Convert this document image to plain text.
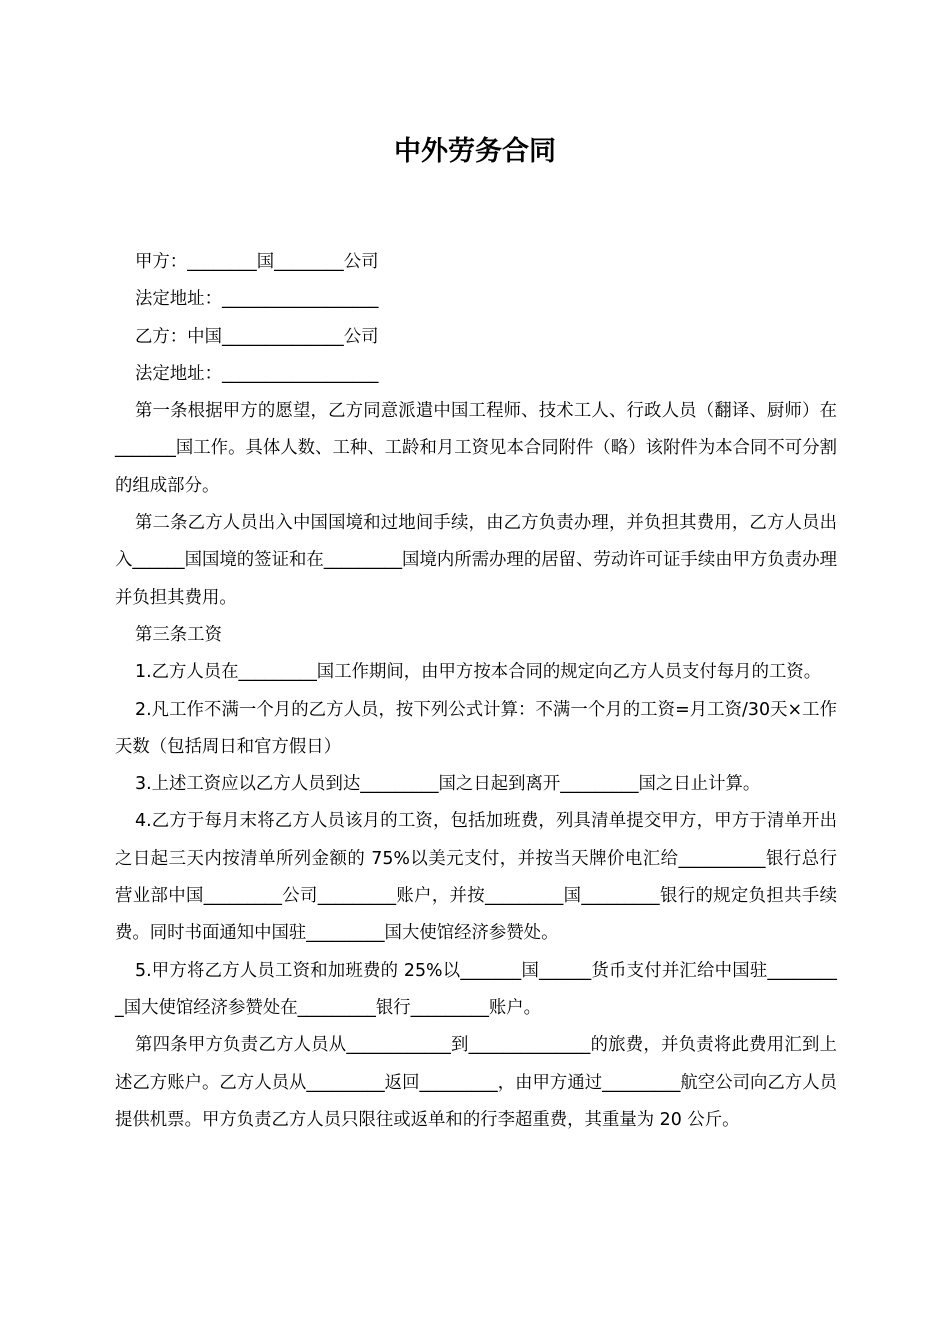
中外劳务合同

甲方：________国________公司

法定地址：__________________

乙方：中国______________公司

法定地址：__________________

第一条根据甲方的愿望，乙方同意派遣中国工程师、技术工人、行政人员（翻译、厨师）在_______国工作。具体人数、工种、工龄和月工资见本合同附件（略）该附件为本合同不可分割的组成部分。

第二条乙方人员出入中国国境和过地间手续，由乙方负责办理，并负担其费用，乙方人员出入______国国境的签证和在_________国境内所需办理的居留、劳动许可证手续由甲方负责办理并负担其费用。

第三条工资

1.乙方人员在_________国工作期间，由甲方按本合同的规定向乙方人员支付每月的工资。

2.凡工作不满一个月的乙方人员，按下列公式计算：不满一个月的工资=月工资/30天×工作天数（包括周日和官方假日）

3.上述工资应以乙方人员到达_________国之日起到离开_________国之日止计算。

4.乙方于每月末将乙方人员该月的工资，包括加班费，列具清单提交甲方，甲方于清单开出之日起三天内按清单所列金额的 75%以美元支付，并按当天牌价电汇给__________银行总行营业部中国_________公司_________账户，并按_________国_________银行的规定负担共手续费。同时书面通知中国驻_________国大使馆经济参赞处。

5.甲方将乙方人员工资和加班费的 25%以_______国______货币支付并汇给中国驻_________国大使馆经济参赞处在_________银行_________账户。

第四条甲方负责乙方人员从____________到______________的旅费，并负责将此费用汇到上述乙方账户。乙方人员从_________返回_________，由甲方通过_________航空公司向乙方人员提供机票。甲方负责乙方人员只限往或返单和的行李超重费，其重量为 20 公斤。
